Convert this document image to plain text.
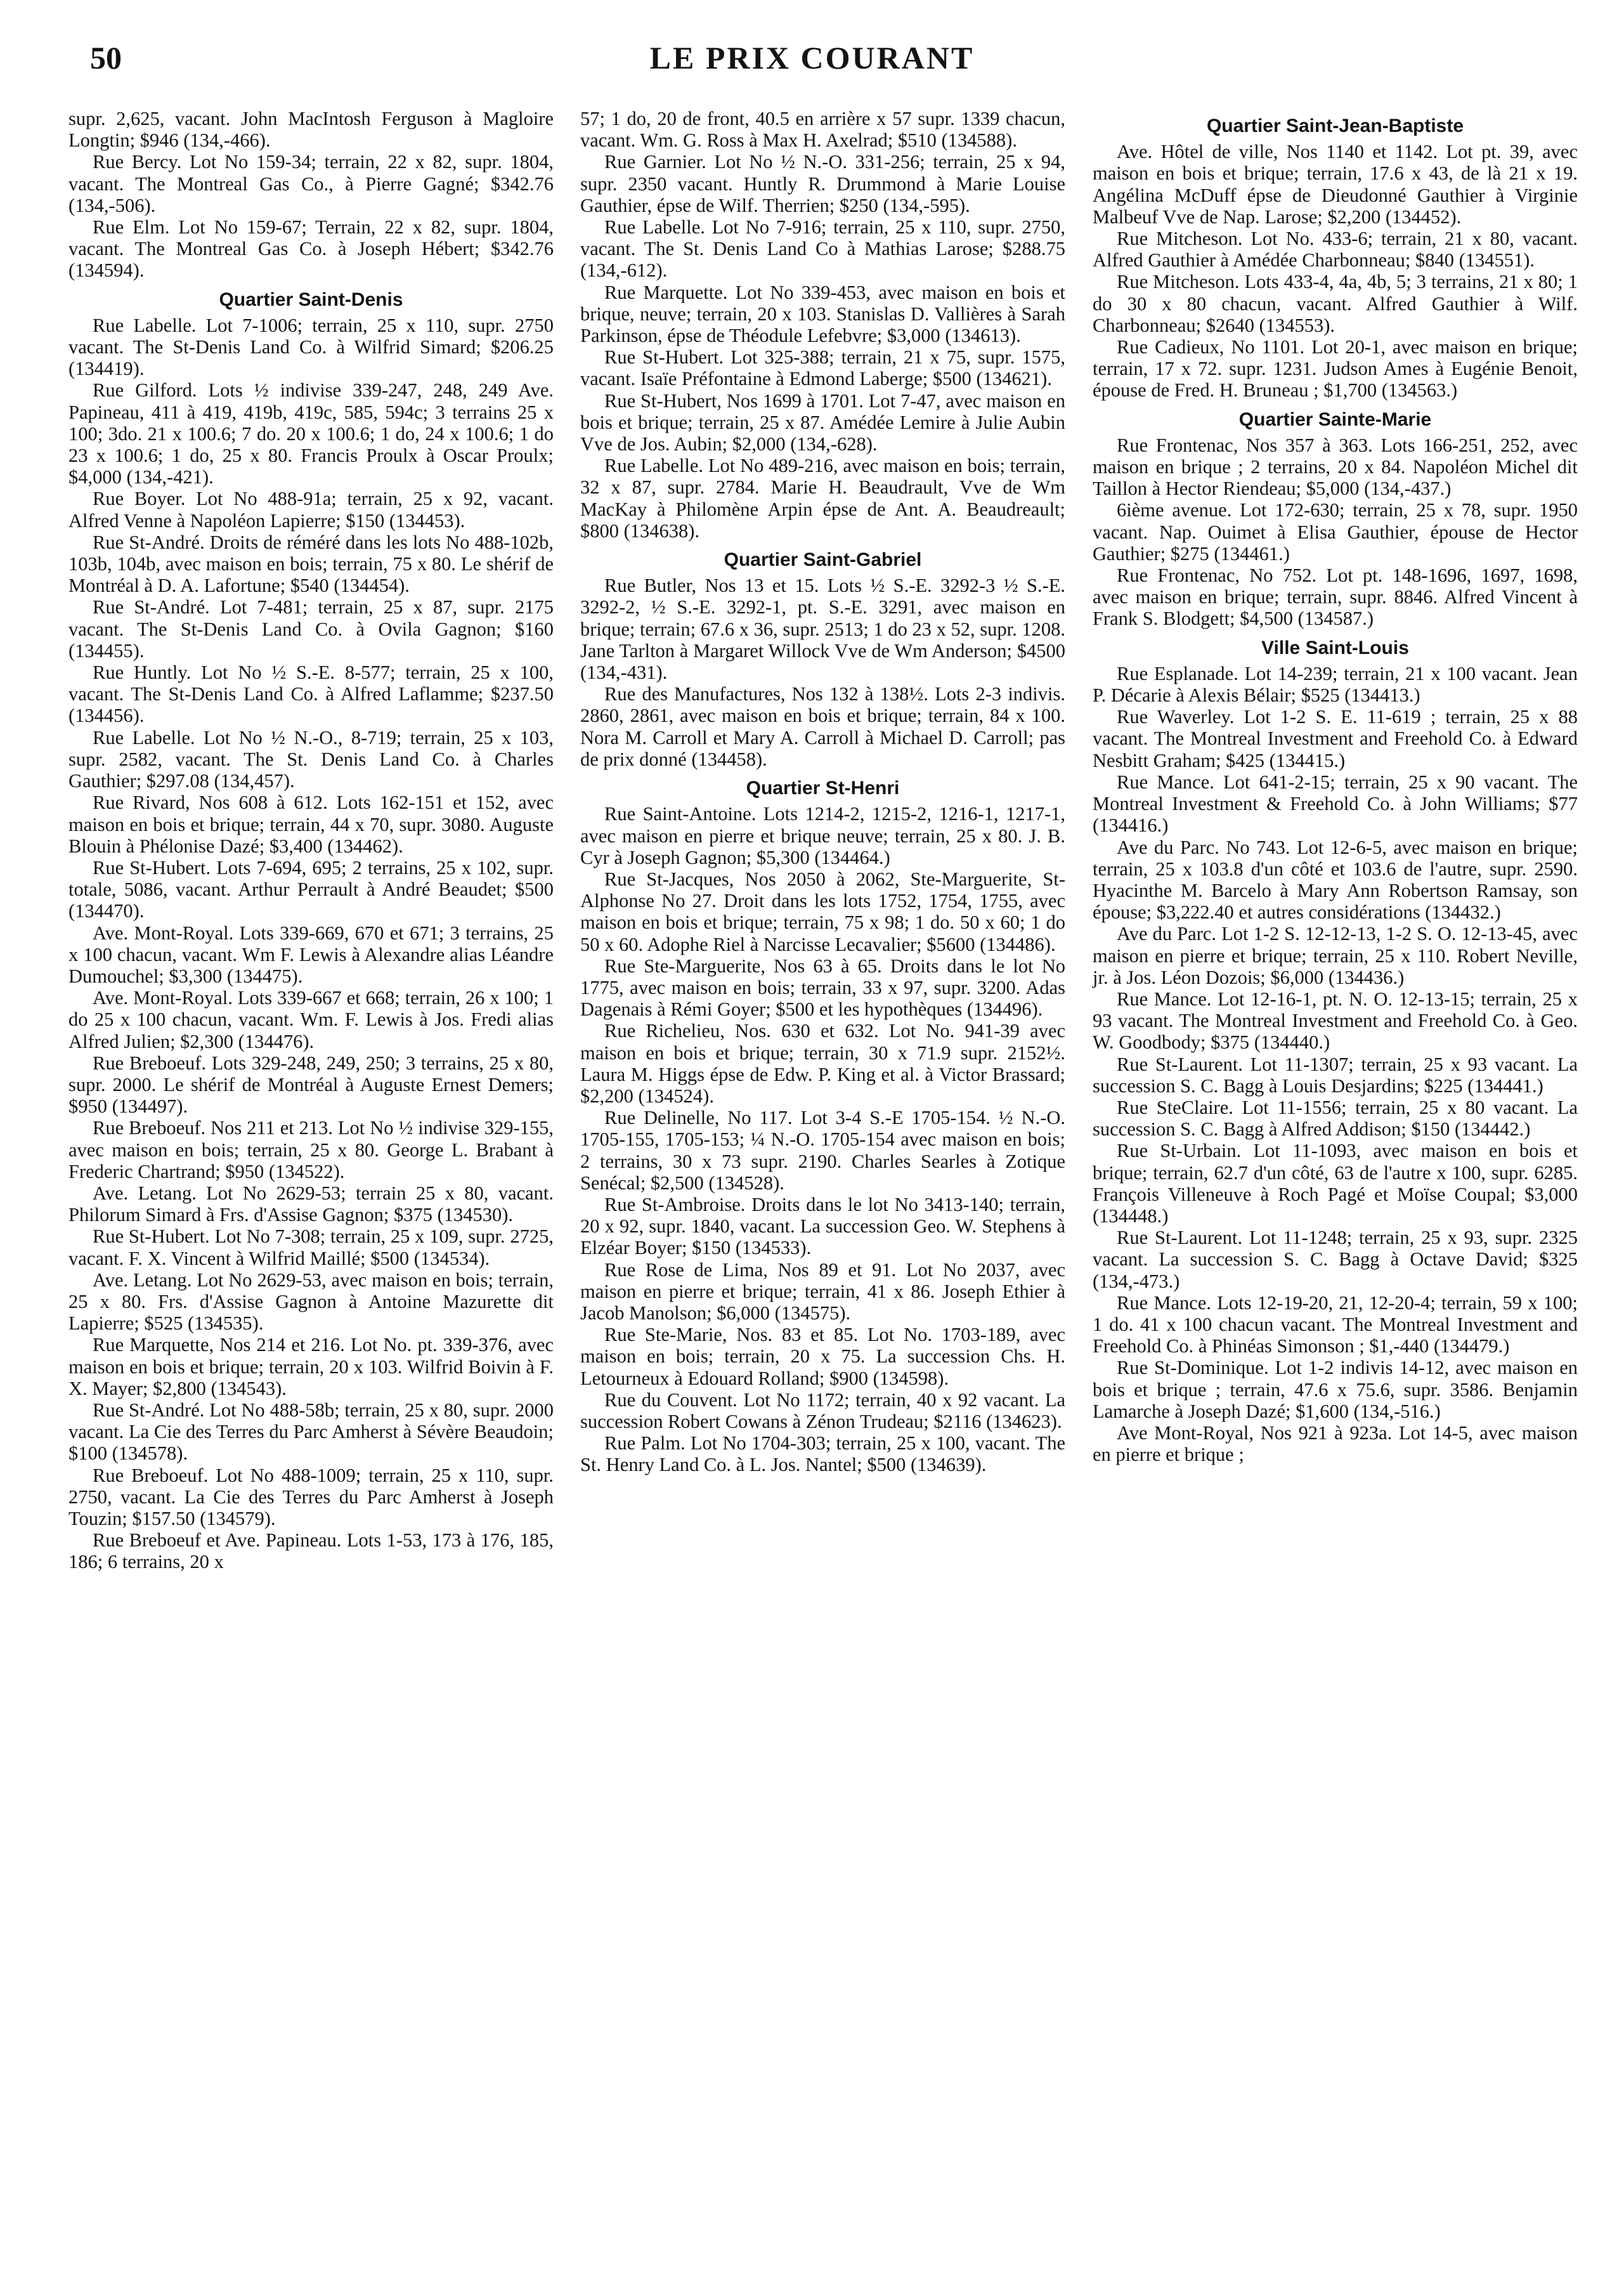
50	LE PRIX COURANT

supr. 2,625, vacant. John MacIntosh Ferguson à Magloire Longtin; $946 (134,-466).

Rue Bercy. Lot No 159-34; terrain, 22 x 82, supr. 1804, vacant. The Montreal Gas Co., à Pierre Gagné; $342.76 (134,-506).

Rue Elm. Lot No 159-67; Terrain, 22 x 82, supr. 1804, vacant. The Montreal Gas Co. à Joseph Hébert; $342.76 (134594).

Quartier Saint-Denis

Rue Labelle. Lot 7-1006; terrain, 25 x 110, supr. 2750 vacant. The St-Denis Land Co. à Wilfrid Simard; $206.25 (134419).

Rue Gilford. Lots ½ indivise 339-247, 248, 249 Ave. Papineau, 411 à 419, 419b, 419c, 585, 594c; 3 terrains 25 x 100; 3do. 21 x 100.6; 7 do. 20 x 100.6; 1 do, 24 x 100.6; 1 do 23 x 100.6; 1 do, 25 x 80. Francis Proulx à Oscar Proulx; $4,000 (134,-421).

Rue Boyer. Lot No 488-91a; terrain, 25 x 92, vacant. Alfred Venne à Napoléon Lapierre; $150 (134453).

Rue St-André. Droits de réméré dans les lots No 488-102b, 103b, 104b, avec maison en bois; terrain, 75 x 80. Le shérif de Montréal à D. A. Lafortune; $540 (134454).

Rue St-André. Lot 7-481; terrain, 25 x 87, supr. 2175 vacant. The St-Denis Land Co. à Ovila Gagnon; $160 (134455).

Rue Huntly. Lot No ½ S.-E. 8-577; terrain, 25 x 100, vacant. The St-Denis Land Co. à Alfred Laflamme; $237.50 (134456).

Rue Labelle. Lot No ½ N.-O., 8-719; terrain, 25 x 103, supr. 2582, vacant. The St. Denis Land Co. à Charles Gauthier; $297.08 (134,457).

Rue Rivard, Nos 608 à 612. Lots 162-151 et 152, avec maison en bois et brique; terrain, 44 x 70, supr. 3080. Auguste Blouin à Phélonise Dazé; $3,400 (134462).

Rue St-Hubert. Lots 7-694, 695; 2 terrains, 25 x 102, supr. totale, 5086, vacant. Arthur Perrault à André Beaudet; $500 (134470).

Ave. Mont-Royal. Lots 339-669, 670 et 671; 3 terrains, 25 x 100 chacun, vacant. Wm F. Lewis à Alexandre alias Léandre Dumouchel; $3,300 (134475).

Ave. Mont-Royal. Lots 339-667 et 668; terrain, 26 x 100; 1 do 25 x 100 chacun, vacant. Wm. F. Lewis à Jos. Fredi alias Alfred Julien; $2,300 (134476).

Rue Breboeuf. Lots 329-248, 249, 250; 3 terrains, 25 x 80, supr. 2000. Le shérif de Montréal à Auguste Ernest Demers; $950 (134497).

Rue Breboeuf. Nos 211 et 213. Lot No ½ indivise 329-155, avec maison en bois; terrain, 25 x 80. George L. Brabant à Frederic Chartrand; $950 (134522).

Ave. Letang. Lot No 2629-53; terrain 25 x 80, vacant. Philorum Simard à Frs. d'Assise Gagnon; $375 (134530).

Rue St-Hubert. Lot No 7-308; terrain, 25 x 109, supr. 2725, vacant. F. X. Vincent à Wilfrid Maillé; $500 (134534).

Ave. Letang. Lot No 2629-53, avec maison en bois; terrain, 25 x 80. Frs. d'Assise Gagnon à Antoine Mazurette dit Lapierre; $525 (134535).

Rue Marquette, Nos 214 et 216. Lot No. pt. 339-376, avec maison en bois et brique; terrain, 20 x 103. Wilfrid Boivin à F. X. Mayer; $2,800 (134543).

Rue St-André. Lot No 488-58b; terrain, 25 x 80, supr. 2000 vacant. La Cie des Terres du Parc Amherst à Sévère Beaudoin; $100 (134578).

Rue Breboeuf. Lot No 488-1009; terrain, 25 x 110, supr. 2750, vacant. La Cie des Terres du Parc Amherst à Joseph Touzin; $157.50 (134579).

Rue Breboeuf et Ave. Papineau. Lots 1-53, 173 à 176, 185, 186; 6 terrains, 20 x

57; 1 do, 20 de front, 40.5 en arrière x 57 supr. 1339 chacun, vacant. Wm. G. Ross à Max H. Axelrad; $510 (134588).

Rue Garnier. Lot No ½ N.-O. 331-256; terrain, 25 x 94, supr. 2350 vacant. Huntly R. Drummond à Marie Louise Gauthier, épse de Wilf. Therrien; $250 (134,-595).

Rue Labelle. Lot No 7-916; terrain, 25 x 110, supr. 2750, vacant. The St. Denis Land Co à Mathias Larose; $288.75 (134,-612).

Rue Marquette. Lot No 339-453, avec maison en bois et brique, neuve; terrain, 20 x 103. Stanislas D. Vallières à Sarah Parkinson, épse de Théodule Lefebvre; $3,000 (134613).

Rue St-Hubert. Lot 325-388; terrain, 21 x 75, supr. 1575, vacant. Isaïe Préfontaine à Edmond Laberge; $500 (134621).

Rue St-Hubert, Nos 1699 à 1701. Lot 7-47, avec maison en bois et brique; terrain, 25 x 87. Amédée Lemire à Julie Aubin Vve de Jos. Aubin; $2,000 (134,-628).

Rue Labelle. Lot No 489-216, avec maison en bois; terrain, 32 x 87, supr. 2784. Marie H. Beaudrault, Vve de Wm MacKay à Philomène Arpin épse de Ant. A. Beaudreault; $800 (134638).

Quartier Saint-Gabriel

Rue Butler, Nos 13 et 15. Lots ½ S.-E. 3292-3 ½ S.-E. 3292-2, ½ S.-E. 3292-1, pt. S.-E. 3291, avec maison en brique; terrain; 67.6 x 36, supr. 2513; 1 do 23 x 52, supr. 1208. Jane Tarlton à Margaret Willock Vve de Wm Anderson; $4500 (134,-431).

Rue des Manufactures, Nos 132 à 138½. Lots 2-3 indivis. 2860, 2861, avec maison en bois et brique; terrain, 84 x 100. Nora M. Carroll et Mary A. Carroll à Michael D. Carroll; pas de prix donné (134458).

Quartier St-Henri

Rue Saint-Antoine. Lots 1214-2, 1215-2, 1216-1, 1217-1, avec maison en pierre et brique neuve; terrain, 25 x 80. J. B. Cyr à Joseph Gagnon; $5,300 (134464.)

Rue St-Jacques, Nos 2050 à 2062, Ste-Marguerite, St-Alphonse No 27. Droit dans les lots 1752, 1754, 1755, avec maison en bois et brique; terrain, 75 x 98; 1 do. 50 x 60; 1 do 50 x 60. Adophe Riel à Narcisse Lecavalier; $5600 (134486).

Rue Ste-Marguerite, Nos 63 à 65. Droits dans le lot No 1775, avec maison en bois; terrain, 33 x 97, supr. 3200. Adas Dagenais à Rémi Goyer; $500 et les hypothèques (134496).

Rue Richelieu, Nos. 630 et 632. Lot No. 941-39 avec maison en bois et brique; terrain, 30 x 71.9 supr. 2152½. Laura M. Higgs épse de Edw. P. King et al. à Victor Brassard; $2,200 (134524).

Rue Delinelle, No 117. Lot 3-4 S.-E 1705-154. ½ N.-O. 1705-155, 1705-153; ¼ N.-O. 1705-154 avec maison en bois; 2 terrains, 30 x 73 supr. 2190. Charles Searles à Zotique Senécal; $2,500 (134528).

Rue St-Ambroise. Droits dans le lot No 3413-140; terrain, 20 x 92, supr. 1840, vacant. La succession Geo. W. Stephens à Elzéar Boyer; $150 (134533).

Rue Rose de Lima, Nos 89 et 91. Lot No 2037, avec maison en pierre et brique; terrain, 41 x 86. Joseph Ethier à Jacob Manolson; $6,000 (134575).

Rue Ste-Marie, Nos. 83 et 85. Lot No. 1703-189, avec maison en bois; terrain, 20 x 75. La succession Chs. H. Letourneux à Edouard Rolland; $900 (134598).

Rue du Couvent. Lot No 1172; terrain, 40 x 92 vacant. La succession Robert Cowans à Zénon Trudeau; $2116 (134623).

Rue Palm. Lot No 1704-303; terrain, 25 x 100, vacant. The St. Henry Land Co. à L. Jos. Nantel; $500 (134639).

Quartier Saint-Jean-Baptiste

Ave. Hôtel de ville, Nos 1140 et 1142. Lot pt. 39, avec maison en bois et brique; terrain, 17.6 x 43, de là 21 x 19. Angélina McDuff épse de Dieudonné Gauthier à Virginie Malbeuf Vve de Nap. Larose; $2,200 (134452).

Rue Mitcheson. Lot No. 433-6; terrain, 21 x 80, vacant. Alfred Gauthier à Amédée Charbonneau; $840 (134551).

Rue Mitcheson. Lots 433-4, 4a, 4b, 5; 3 terrains, 21 x 80; 1 do 30 x 80 chacun, vacant. Alfred Gauthier à Wilf. Charbonneau; $2640 (134553).

Rue Cadieux, No 1101. Lot 20-1, avec maison en brique; terrain, 17 x 72. supr. 1231. Judson Ames à Eugénie Benoit, épouse de Fred. H. Bruneau ; $1,700 (134563.)

Quartier Sainte-Marie

Rue Frontenac, Nos 357 à 363. Lots 166-251, 252, avec maison en brique ; 2 terrains, 20 x 84. Napoléon Michel dit Taillon à Hector Riendeau; $5,000 (134,-437.)

6ième avenue. Lot 172-630; terrain, 25 x 78, supr. 1950 vacant. Nap. Ouimet à Elisa Gauthier, épouse de Hector Gauthier; $275 (134461.)

Rue Frontenac, No 752. Lot pt. 148-1696, 1697, 1698, avec maison en brique; terrain, supr. 8846. Alfred Vincent à Frank S. Blodgett; $4,500 (134587.)

Ville Saint-Louis

Rue Esplanade. Lot 14-239; terrain, 21 x 100 vacant. Jean P. Décarie à Alexis Bélair; $525 (134413.)

Rue Waverley. Lot 1-2 S. E. 11-619 ; terrain, 25 x 88 vacant. The Montreal Investment and Freehold Co. à Edward Nesbitt Graham; $425 (134415.)

Rue Mance. Lot 641-2-15; terrain, 25 x 90 vacant. The Montreal Investment & Freehold Co. à John Williams; $77 (134416.)

Ave du Parc. No 743. Lot 12-6-5, avec maison en brique; terrain, 25 x 103.8 d'un côté et 103.6 de l'autre, supr. 2590. Hyacinthe M. Barcelo à Mary Ann Robertson Ramsay, son épouse; $3,222.40 et autres considérations (134432.)

Ave du Parc. Lot 1-2 S. 12-12-13, 1-2 S. O. 12-13-45, avec maison en pierre et brique; terrain, 25 x 110. Robert Neville, jr. à Jos. Léon Dozois; $6,000 (134436.)

Rue Mance. Lot 12-16-1, pt. N. O. 12-13-15; terrain, 25 x 93 vacant. The Montreal Investment and Freehold Co. à Geo. W. Goodbody; $375 (134440.)

Rue St-Laurent. Lot 11-1307; terrain, 25 x 93 vacant. La succession S. C. Bagg à Louis Desjardins; $225 (134441.)

Rue SteClaire. Lot 11-1556; terrain, 25 x 80 vacant. La succession S. C. Bagg à Alfred Addison; $150 (134442.)

Rue St-Urbain. Lot 11-1093, avec maison en bois et brique; terrain, 62.7 d'un côté, 63 de l'autre x 100, supr. 6285. François Villeneuve à Roch Pagé et Moïse Coupal; $3,000 (134448.)

Rue St-Laurent. Lot 11-1248; terrain, 25 x 93, supr. 2325 vacant. La succession S. C. Bagg à Octave David; $325 (134,-473.)

Rue Mance. Lots 12-19-20, 21, 12-20-4; terrain, 59 x 100; 1 do. 41 x 100 chacun vacant. The Montreal Investment and Freehold Co. à Phinéas Simonson ; $1,-440 (134479.)

Rue St-Dominique. Lot 1-2 indivis 14-12, avec maison en bois et brique ; terrain, 47.6 x 75.6, supr. 3586. Benjamin Lamarche à Joseph Dazé; $1,600 (134,-516.)

Ave Mont-Royal, Nos 921 à 923a. Lot 14-5, avec maison en pierre et brique ;
